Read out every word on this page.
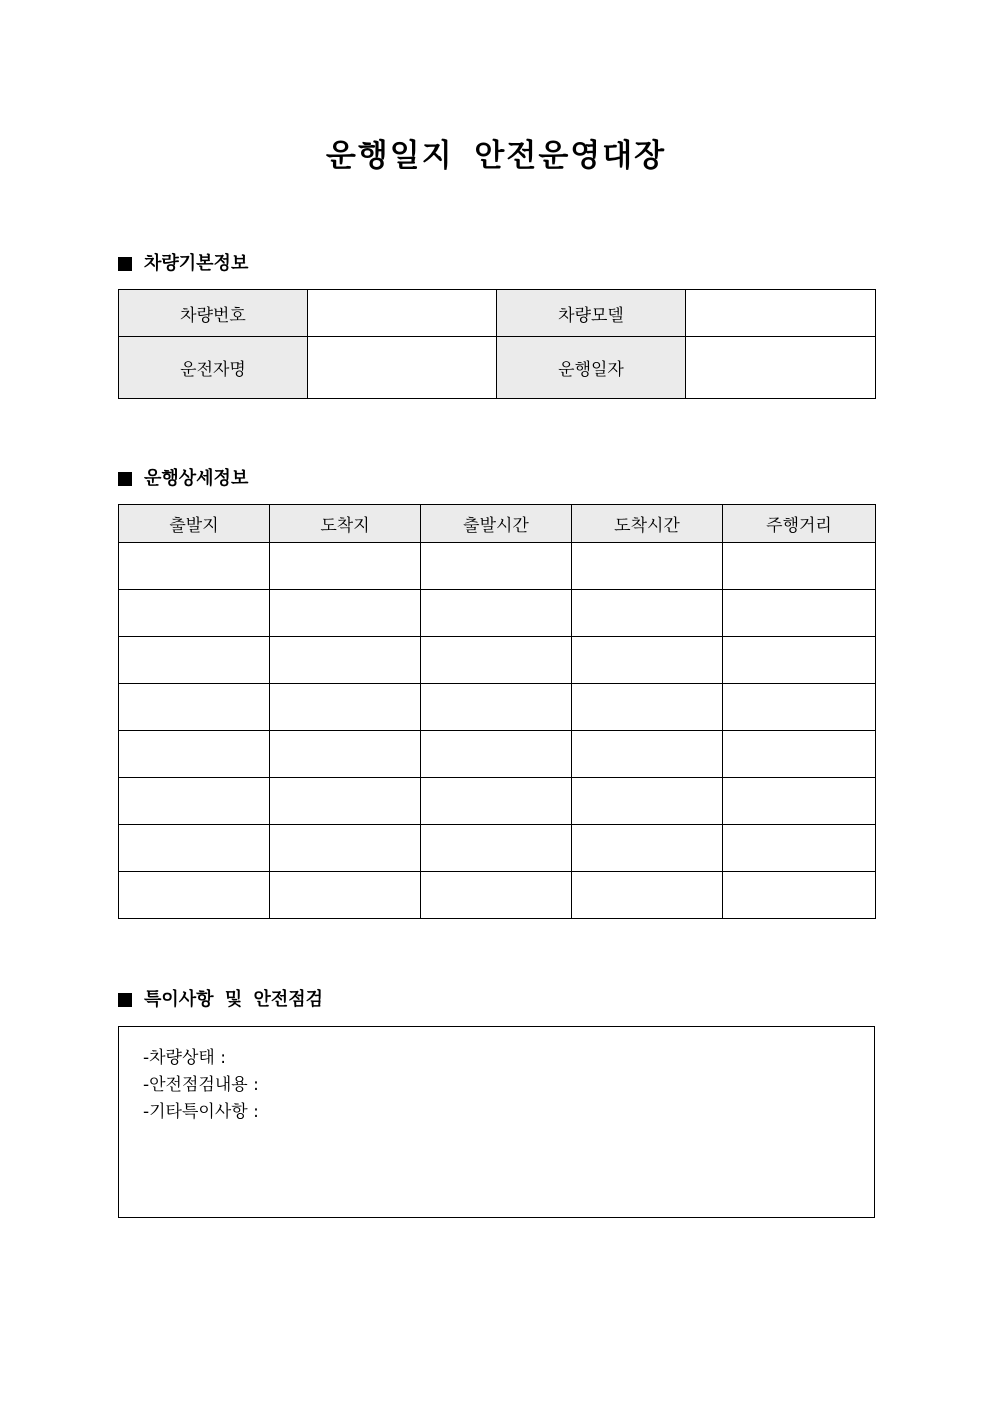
운행일지 안전운영대장
차량기본정보
차량번호		차량모델	
운전자명		운행일자	
운행상세정보
출발지	도착지	출발시간	도착시간	주행거리

특이사항 및 안전점검
-차량상태 :
-안전점검내용 :
-기타특이사항 :
